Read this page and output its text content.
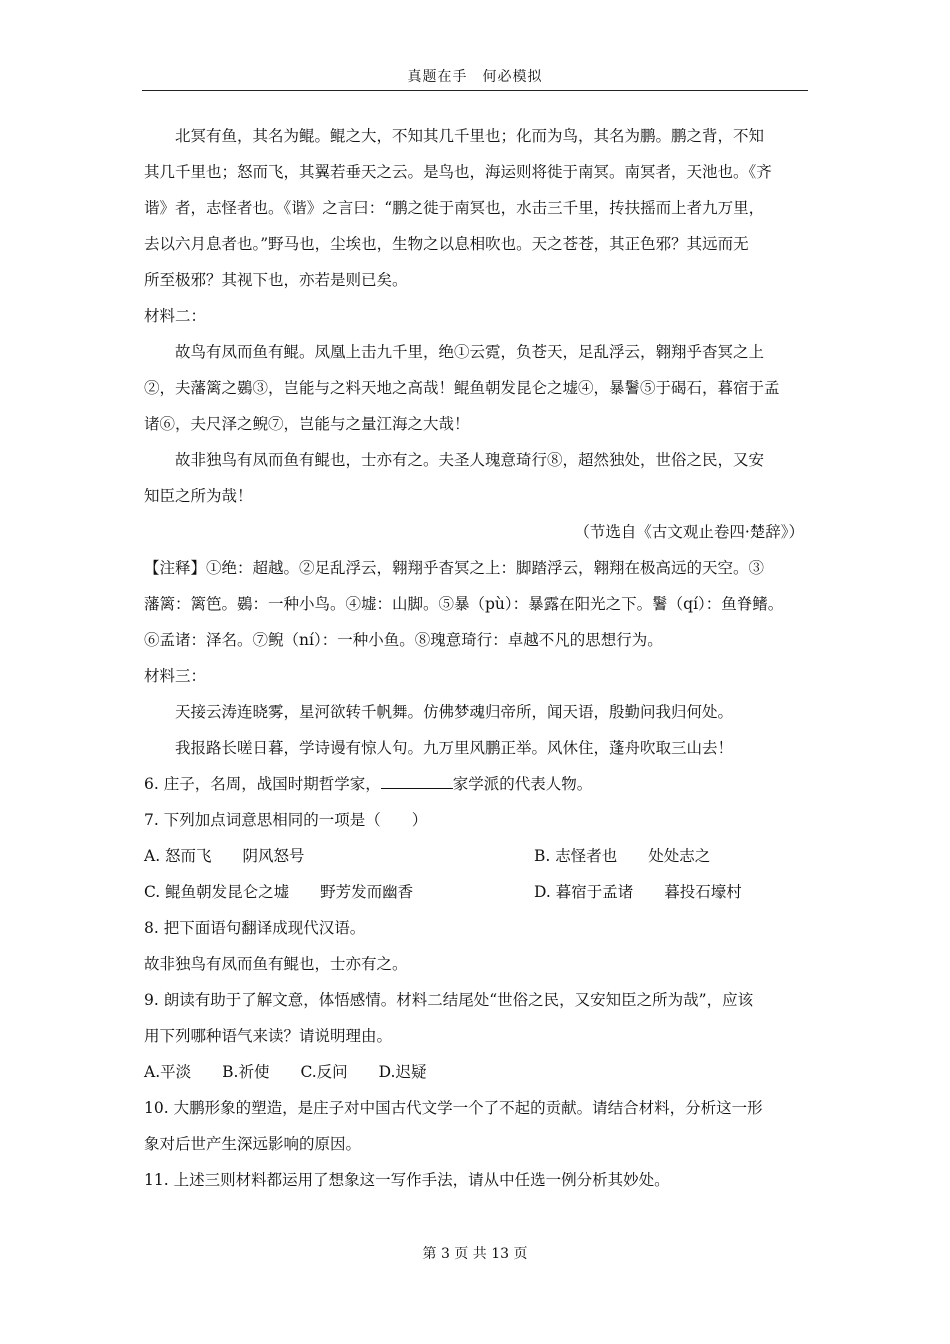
真题在手　何必模拟
北冥有鱼，其名为鲲。鲲之大，不知其几千里也；化而为鸟，其名为鹏。鹏之背，不知
其几千里也；怒而飞，其翼若垂天之云。是鸟也，海运则将徙于南冥。南冥者，天池也。《齐
谐》者，志怪者也。《谐》之言曰：“鹏之徙于南冥也，水击三千里，抟扶摇而上者九万里，
去以六月息者也。”野马也，尘埃也，生物之以息相吹也。天之苍苍，其正色邪？其远而无
所至极邪？其视下也，亦若是则已矣。
材料二：
故鸟有凤而鱼有鲲。凤凰上击九千里，绝①云霓，负苍天，足乱浮云，翱翔乎杳冥之上
②，夫藩篱之鷃③，岂能与之料天地之高哉！鲲鱼朝发昆仑之墟④，暴鬐⑤于碣石，暮宿于孟
诸⑥，夫尺泽之鲵⑦，岂能与之量江海之大哉！
故非独鸟有凤而鱼有鲲也，士亦有之。夫圣人瑰意琦行⑧，超然独处，世俗之民，又安
知臣之所为哉！
（节选自《古文观止卷四·楚辞》）
【注释】①绝：超越。②足乱浮云，翱翔乎杳冥之上：脚踏浮云，翱翔在极高远的天空。③
藩篱：篱笆。鷃：一种小鸟。④墟：山脚。⑤暴（pù）：暴露在阳光之下。鬐（qí）：鱼脊鳍。
⑥孟诸：泽名。⑦鲵（ní）：一种小鱼。⑧瑰意琦行：卓越不凡的思想行为。
材料三：
天接云涛连晓雾，星河欲转千帆舞。仿佛梦魂归帝所，闻天语，殷勤问我归何处。
我报路长嗟日暮，学诗谩有惊人句。九万里风鹏正举。风休住，蓬舟吹取三山去！
6. 庄子，名周，战国时期哲学家，	家学派的代表人物。
7. 下列加点词意思相同的一项是（　　）
A. 怒而飞　　阴风怒号	B. 志怪者也　　处处志之
C. 鲲鱼朝发昆仑之墟　　野芳发而幽香	D. 暮宿于孟诸　　暮投石壕村
8. 把下面语句翻译成现代汉语。
故非独鸟有凤而鱼有鲲也，士亦有之。
9. 朗读有助于了解文意，体悟感情。材料二结尾处“世俗之民，又安知臣之所为哉”，应该
用下列哪种语气来读？请说明理由。
A.平淡　　B.祈使　　C.反问　　D.迟疑
10. 大鹏形象的塑造，是庄子对中国古代文学一个了不起的贡献。请结合材料，分析这一形
象对后世产生深远影响的原因。
11. 上述三则材料都运用了想象这一写作手法，请从中任选一例分析其妙处。
第 3 页 共 13 页
